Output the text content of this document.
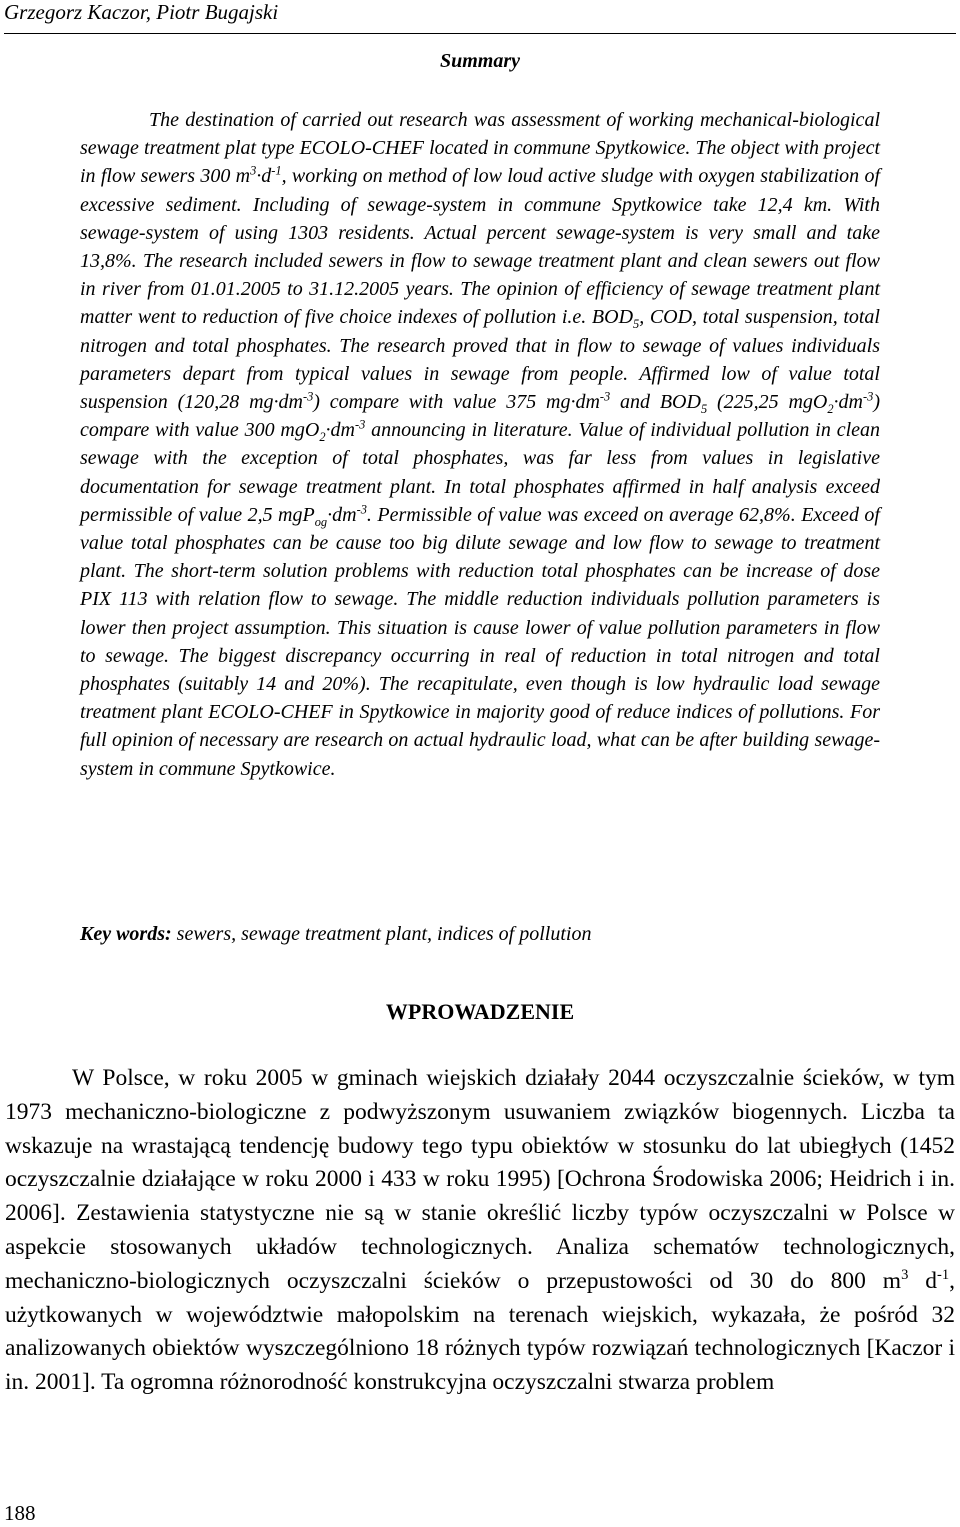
Grzegorz Kaczor, Piotr Bugajski
Summary

The destination of carried out research was assessment of working mechanical-biological sewage treatment plat type ECOLO-CHEF located in commune Spytkowice. The object with project in flow sewers 300 $m^3\cdot d^{-1}$, working on method of low loud active sludge with oxygen stabilization of excessive sediment. Including of sewage-system in commune Spytkowice take 12,4 km. With sewage-system of using 1303 residents. Actual percent sewage-system is very small and take 13,8%. The research included sewers in flow to sewage treatment plant and clean sewers out flow in river from 01.01.2005 to 31.12.2005 years. The opinion of efficiency of sewage treatment plant matter went to reduction of five choice indexes of pollution i.e. $BOD_5$, COD, total suspension, total nitrogen and total phosphates. The research proved that in flow to sewage of values individuals parameters depart from typical values in sewage from people. Affirmed low of value total suspension (120,28 $mg\cdot dm^{-3}$) compare with value 375 $mg\cdot dm^{-3}$ and $BOD_5$ (225,25 $mgO_2\cdot dm^{-3}$) compare with value 300 $mgO_2\cdot dm^{-3}$ announcing in literature. Value of individual pollution in clean sewage with the exception of total phosphates, was far less from values in legislative documentation for sewage treatment plant. In total phosphates affirmed in half analysis exceed permissible of value 2,5 $mgP_{og}\cdot dm^{-3}$. Permissible of value was exceed on average 62,8%. Exceed of value total phosphates can be cause too big dilute sewage and low flow to sewage to treatment plant. The short-term solution problems with reduction total phosphates can be increase of dose PIX 113 with relation flow to sewage. The middle reduction individuals pollution parameters is lower then project assumption. This situation is cause lower of value pollution parameters in flow to sewage. The biggest discrepancy occurring in real of reduction in total nitrogen and total phosphates (suitably 14 and 20%). The recapitulate, even though is low hydraulic load sewage treatment plant ECOLO-CHEF in Spytkowice in majority good of reduce indices of pollutions. For full opinion of necessary are research on actual hydraulic load, what can be after building sewage-system in commune Spytkowice.

Key words: sewers, sewage treatment plant, indices of pollution

WPROWADZENIE

W Polsce, w roku 2005 w gminach wiejskich działały 2044 oczyszczalnie ścieków, w tym 1973 mechaniczno-biologiczne z podwyższonym usuwaniem związków biogennych. Liczba ta wskazuje na wrastającą tendencję budowy tego typu obiektów w stosunku do lat ubiegłych (1452 oczyszczalnie działające w roku 2000 i 433 w roku 1995) [Ochrona Środowiska 2006; Heidrich i in. 2006]. Zestawienia statystyczne nie są w stanie określić liczby typów oczyszczalni w Polsce w aspekcie stosowanych układów technologicznych. Analiza schematów technologicznych, mechaniczno-biologicznych oczyszczalni ścieków o przepustowości od 30 do 800 $m^3$ $d^{-1}$, użytkowanych w województwie małopolskim na terenach wiejskich, wykazała, że pośród 32 analizowanych obiektów wyszczególniono 18 różnych typów rozwiązań technologicznych [Kaczor i in. 2001]. Ta ogromna różnorodność konstrukcyjna oczyszczalni stwarza problem

188
